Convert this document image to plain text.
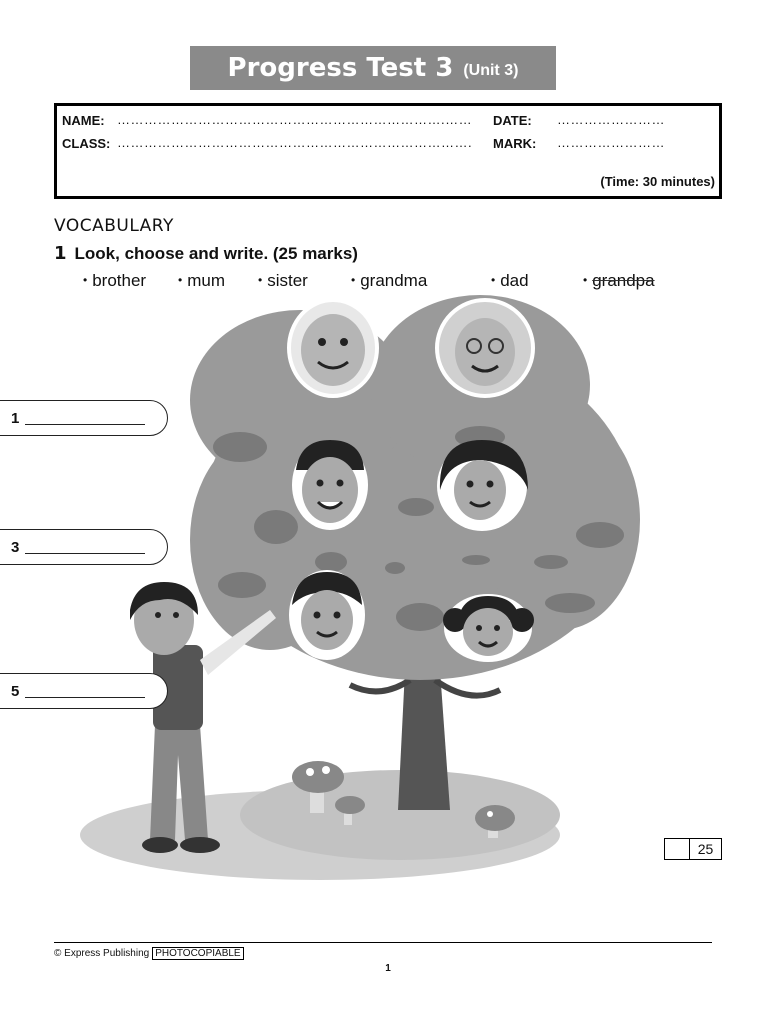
Progress Test 3 (Unit 3)
NAME: ……………………………………………………………….…… DATE: ……………………
CLASS: ……………………………………………………………………. MARK: ……………………
(Time: 30 minutes)
VOCABULARY
1 Look, choose and write. (25 marks)
• brother	• mum	• sister	• grandma	• dad	• grandpa
1
3
5
25
© Express Publishing PHOTOCOPIABLE
1
